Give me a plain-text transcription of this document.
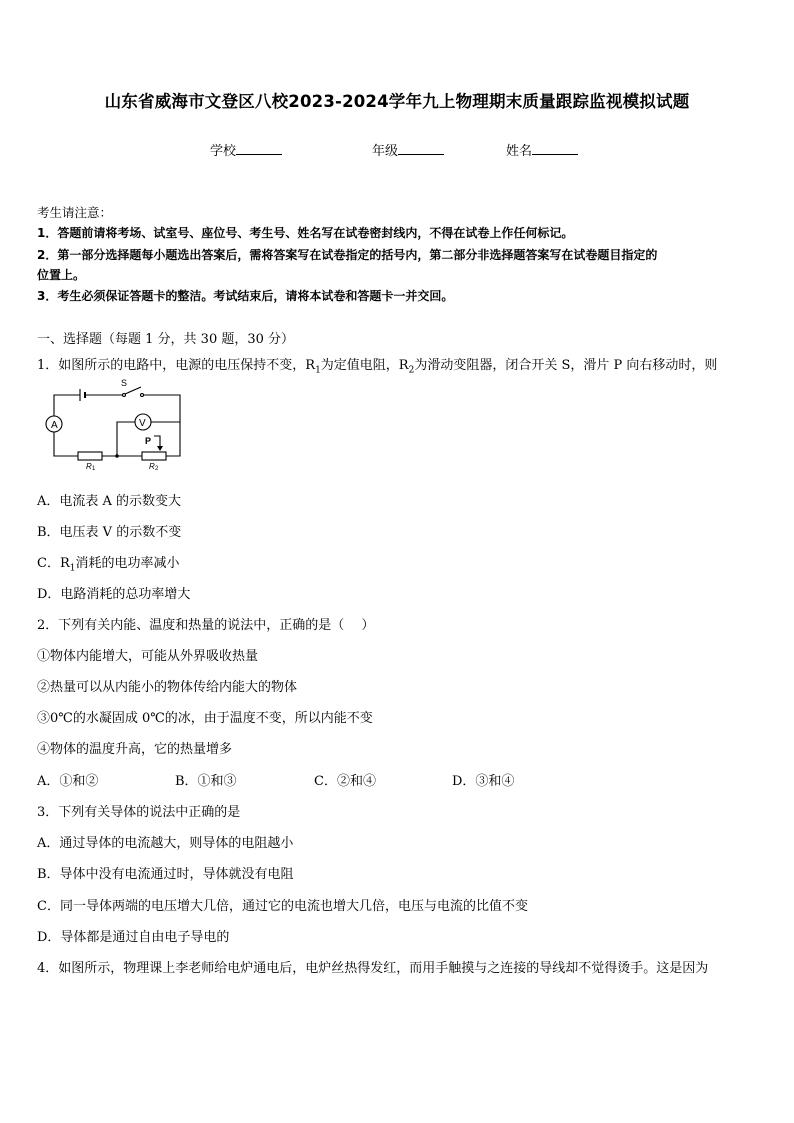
山东省威海市文登区八校2023-2024学年九上物理期末质量跟踪监视模拟试题
学校	年级	姓名
考生请注意：
1．答题前请将考场、试室号、座位号、考生号、姓名写在试卷密封线内，不得在试卷上作任何标记。
2．第一部分选择题每小题选出答案后，需将答案写在试卷指定的括号内，第二部分非选择题答案写在试卷题目指定的
位置上。
3．考生必须保证答题卡的整洁。考试结束后，请将本试卷和答题卡一并交回。
一、选择题（每题 1 分，共 30 题，30 分）
1．如图所示的电路中，电源的电压保持不变，$R_1$为定值电阻，$R_2$为滑动变阻器，闭合开关 S，滑片 P 向右移动时，则
A	V
S
P
R 1	R 2
A．电流表 A 的示数变大
B．电压表 V 的示数不变
C．$R_1$消耗的电功率减小
D．电路消耗的总功率增大
2．下列有关内能、温度和热量的说法中，正确的是（　 ）
①物体内能增大，可能从外界吸收热量
②热量可以从内能小的物体传给内能大的物体
③0℃的水凝固成 0℃的冰，由于温度不变，所以内能不变
④物体的温度升高，它的热量增多
A．①和②	B．①和③	C．②和④	D．③和④
3．下列有关导体的说法中正确的是
A．通过导体的电流越大，则导体的电阻越小
B．导体中没有电流通过时，导体就没有电阻
C．同一导体两端的电压增大几倍，通过它的电流也增大几倍，电压与电流的比值不变
D．导体都是通过自由电子导电的
4．如图所示，物理课上李老师给电炉通电后，电炉丝热得发红，而用手触摸与之连接的导线却不觉得烫手。这是因为
